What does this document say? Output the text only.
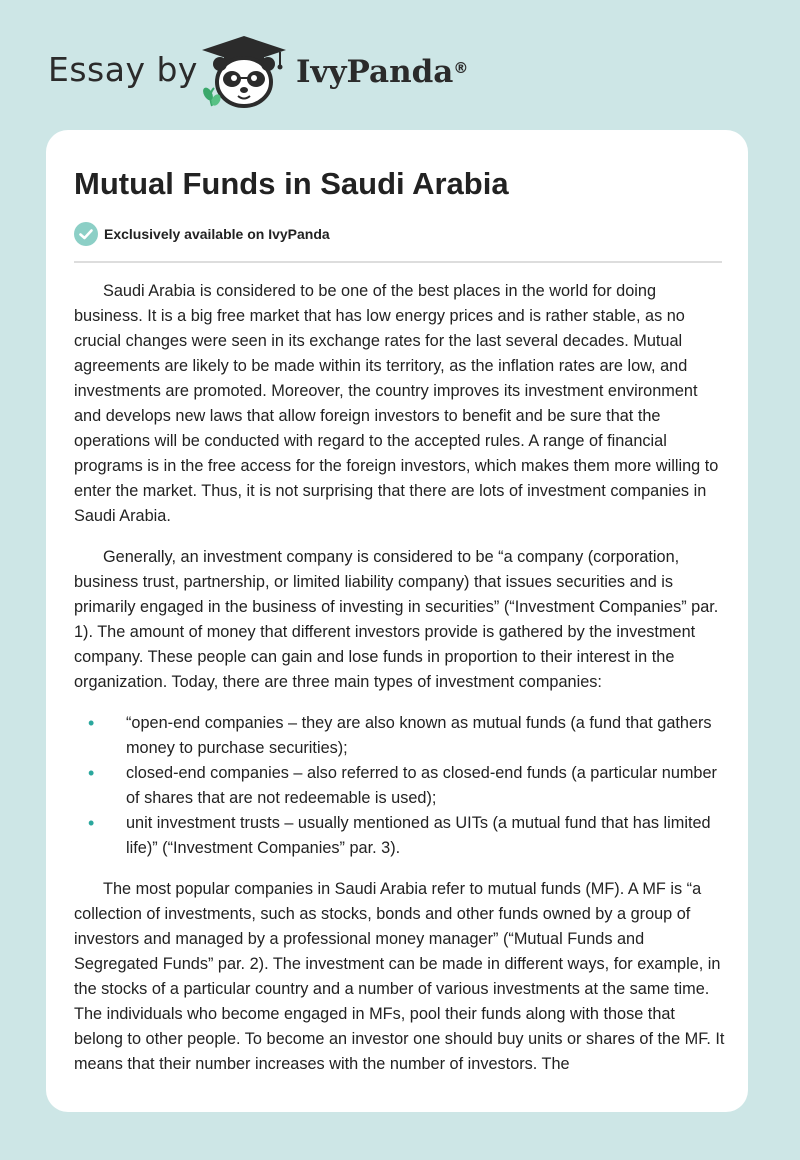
Essay by	IvyPanda®
Mutual Funds in Saudi Arabia
Exclusively available on IvyPanda

Saudi Arabia is considered to be one of the best places in the world for doing business. It is a big free market that has low energy prices and is rather stable, as no crucial changes were seen in its exchange rates for the last several decades. Mutual agreements are likely to be made within its territory, as the inflation rates are low, and investments are promoted. Moreover, the country improves its investment environment and develops new laws that allow foreign investors to benefit and be sure that the operations will be conducted with regard to the accepted rules. A range of financial programs is in the free access for the foreign investors, which makes them more willing to enter the market. Thus, it is not surprising that there are lots of investment companies in Saudi Arabia.

Generally, an investment company is considered to be “a company (corporation, business trust, partnership, or limited liability company) that issues securities and is primarily engaged in the business of investing in securities” (“Investment Companies” par. 1). The amount of money that different investors provide is gathered by the investment company. These people can gain and lose funds in proportion to their interest in the organization. Today, there are three main types of investment companies:

• “open-end companies – they are also known as mutual funds (a fund that gathers money to purchase securities);
• closed-end companies – also referred to as closed-end funds (a particular number of shares that are not redeemable is used);
• unit investment trusts – usually mentioned as UITs (a mutual fund that has limited life)” (“Investment Companies” par. 3).

The most popular companies in Saudi Arabia refer to mutual funds (MF). A MF is “a collection of investments, such as stocks, bonds and other funds owned by a group of investors and managed by a professional money manager” (“Mutual Funds and Segregated Funds” par. 2). The investment can be made in different ways, for example, in the stocks of a particular country and a number of various investments at the same time. The individuals who become engaged in MFs, pool their funds along with those that belong to other people. To become an investor one should buy units or shares of the MF. It means that their number increases with the number of investors. The
